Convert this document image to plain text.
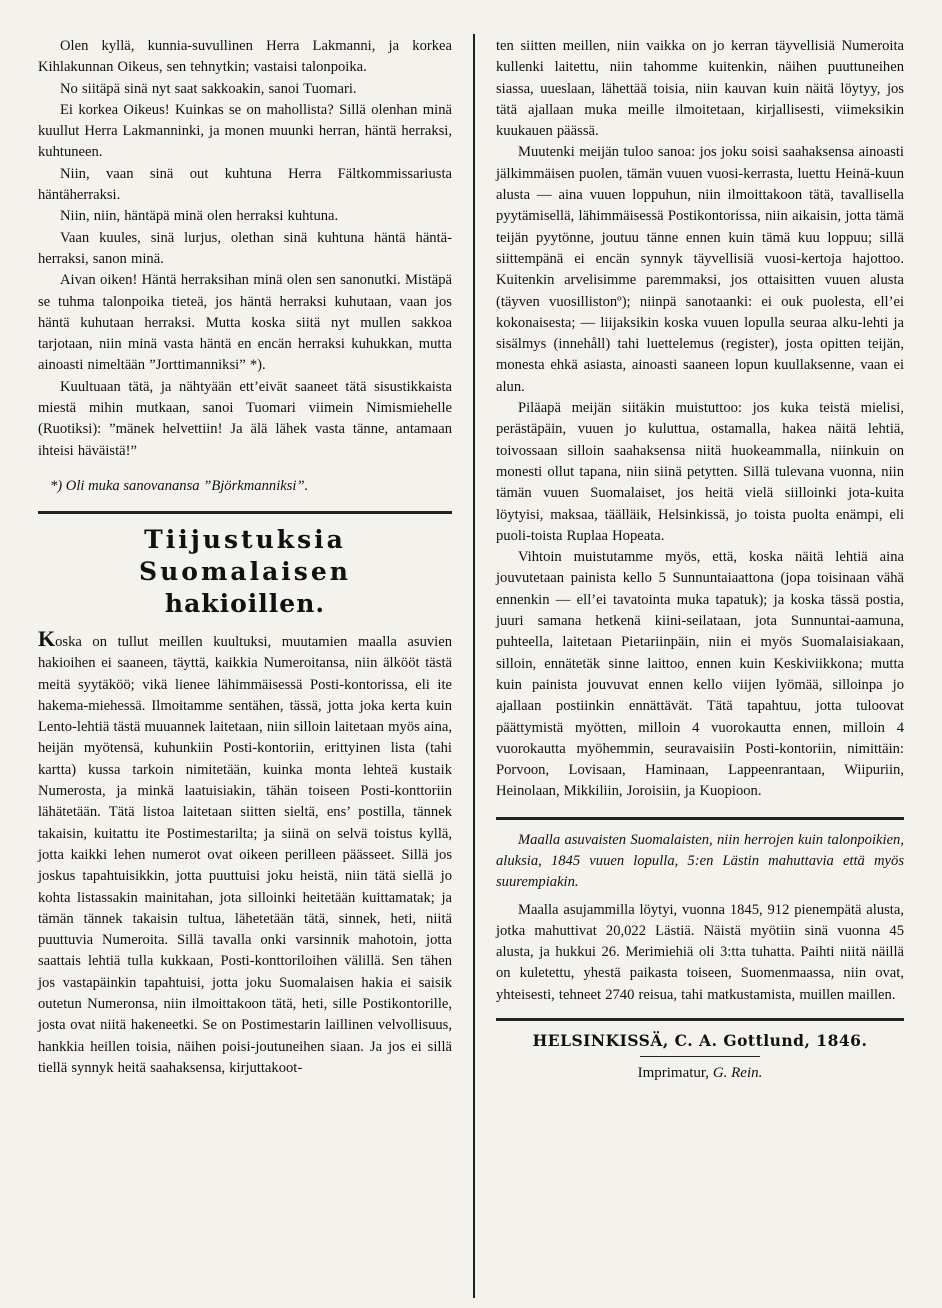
Olen kyllä, kunnia-suvullinen Herra Lakmanni, ja korkea Kihlakunnan Oikeus, sen tehnytkin; vastaisi talonpoika.

No siitäpä sinä nyt saat sakkoakin, sanoi Tuomari.

Ei korkea Oikeus! Kuinkas se on mahollista? Sillä olenhan minä kuullut Herra Lakmanninki, ja monen muunki herran, häntä herraksi, kuhtuneen.

Niin, vaan sinä out kuhtuna Herra Fältkommissariusta häntäherraksi.

Niin, niin, häntäpä minä olen herraksi kuhtuna.

Vaan kuules, sinä lurjus, olethan sinä kuhtuna häntä häntä-herraksi, sanon minä.

Aivan oiken! Häntä herraksihan minä olen sen sanonutki. Mistäpä se tuhma talonpoika tieteä, jos häntä herraksi kuhutaan, vaan jos häntä kuhutaan herraksi. Mutta koska siitä nyt mullen sakkoa tarjotaan, niin minä vasta häntä en encän herraksi kuhukkan, mutta ainoasti nimeltään ”Jorttimanniksi” *).

Kuultuaan tätä, ja nähtyään ett’eivät saaneet tätä sisustikkaista miestä mihin mutkaan, sanoi Tuomari viimein Nimismiehelle (Ruotiksi): ”mänek helvettiin! Ja älä lähek vasta tänne, antamaan ihteisi häväistä!”

*) Oli muka sanovanansa ”Björkmanniksi”.

Tiijustuksia Suomalaisen
hakioillen.

Koska on tullut meillen kuultuksi, muutamien maalla asuvien hakioihen ei saaneen, täyttä, kaikkia Numeroitansa, niin älkööt tästä meitä syytäköö; vikä lienee lähimmäisessä Posti-kontorissa, eli ite hakema-miehessä. Ilmoitamme sentähen, tässä, jotta joka kerta kuin Lento-lehtiä tästä muuannek laitetaan, niin silloin laitetaan myös aina, heijän myötensä, kuhunkiin Posti-kontoriin, erittyinen lista (tahi kartta) kussa tarkoin nimitetään, kuinka monta lehteä kustaik Numerosta, ja minkä laatuisiakin, tähän toiseen Posti-konttoriin lähätetään. Tätä listoa laitetaan siitten sieltä, ens’ postilla, tännek takaisin, kuitattu ite Postimestarilta; ja siinä on selvä toistus kyllä, jotta kaikki lehen numerot ovat oikeen perilleen päässeet. Sillä jos joskus tapahtuisikkin, jotta puuttuisi joku heistä, niin tätä siellä jo kohta listassakin mainitahan, jota silloinki heitetään kuittamatak; ja tämän tännek takaisin tultua, lähetetään tätä, sinnek, heti, niitä puuttuvia Numeroita. Sillä tavalla onki varsinnik mahotoin, jotta saattais lehtiä tulla kukkaan, Posti-konttoriloihen välillä. Sen tähen jos vastapäinkin tapahtuisi, jotta joku Suomalaisen hakia ei saisik outetun Numeronsa, niin ilmoittakoon tätä, heti, sille Postikontorille, josta ovat niitä hakeneetki. Se on Postimestarin laillinen velvollisuus, hankkia heillen toisia, näihen poisi-joutuneihen siaan. Ja jos ei sillä tiellä synnyk heitä saahaksensa, kirjuttakoot-

ten siitten meillen, niin vaikka on jo kerran täyvellisiä Numeroita kullenki laitettu, niin tahomme kuitenkin, näihen puuttuneihen siassa, uueslaan, lähettää toisia, niin kauvan kuin näitä löytyy, jos tätä ajallaan muka meille ilmoitetaan, kirjallisesti, viimeksikin kuukauen päässä.

Muutenki meijän tuloo sanoa: jos joku soisi saahaksensa ainoasti jälkimmäisen puolen, tämän vuuen vuosi-kerrasta, luettu Heinä-kuun alusta — aina vuuen loppuhun, niin ilmoittakoon tätä, tavallisella pyytämisellä, lähimmäisessä Postikontorissa, niin aikaisin, jotta tämä teijän pyytönne, joutuu tänne ennen kuin tämä kuu loppuu; sillä siittempänä ei encän synnyk täyvellisiä vuosi-kertoja hajottoo. Kuitenkin arvelisimme paremmaksi, jos ottaisitten vuuen alusta (täyven vuosillistonº); niinpä sanotaanki: ei ouk puolesta, ell’ei kokonaisesta; — liijaksikin koska vuuen lopulla seuraa alku-lehti ja sisälmys (innehåll) tahi luettelemus (register), josta opitten teijän, monesta ehkä asiasta, ainoasti saaneen lopun kuullaksenne, vaan ei alun.

Piläapä meijän siitäkin muistuttoo: jos kuka teistä mielisi, perästäpäin, vuuen jo kuluttua, ostamalla, hakea näitä lehtiä, toivossaan silloin saahaksensa niitä huokeammalla, niinkuin on monesti ollut tapana, niin siinä petytten. Sillä tulevana vuonna, niin tämän vuuen Suomalaiset, jos heitä vielä siilloinki jota-kuita löytyisi, maksaa, täälläik, Helsinkissä, jo toista puolta enämpi, eli puoli-toista Ruplaa Hopeata.

Vihtoin muistutamme myös, että, koska näitä lehtiä aina jouvutetaan painista kello 5 Sunnuntaiaattona (jopa toisinaan vähä ennenkin — ell’ei tavatointa muka tapatuk); ja koska tässä postia, juuri samana hetkenä kiini-seilataan, jota Sunnuntai-aamuna, puhteella, laitetaan Pietariinpäin, niin ei myös Suomalaisiakaan, silloin, ennätetäk sinne laittoo, ennen kuin Keskiviikkona; mutta kuin painista jouvuvat ennen kello viijen lyömää, silloinpa jo ajallaan postiinkin ennättävät. Tätä tapahtuu, jotta tuloovat päättymistä myötten, milloin 4 vuorokautta ennen, milloin 4 vuorokautta myöhemmin, seuravaisiin Posti-kontoriin, nimittäin: Porvoon, Lovisaan, Haminaan, Lappeenrantaan, Wiipuriin, Heinolaan, Mikkiliin, Joroisiin, ja Kuopioon.

Maalla asuvaisten Suomalaisten, niin herrojen kuin talonpoikien, aluksia, 1845 vuuen lopulla, 5:en Lästin mahuttavia että myös suurempiakin.

Maalla asujammilla löytyi, vuonna 1845, 912 pienempätä alusta, jotka mahuttivat 20,022 Lästiä. Näistä myötiin sinä vuonna 45 alusta, ja hukkui 26. Merimiehiä oli 3:tta tuhatta. Paihti niitä näillä on kuletettu, yhestä paikasta toiseen, Suomenmaassa, niin ovat, yhteisesti, tehneet 2740 reisua, tahi matkustamista, muillen maillen.

HELSINKISSÄ, C. A. Gottlund, 1846.

Imprimatur, G. Rein.
